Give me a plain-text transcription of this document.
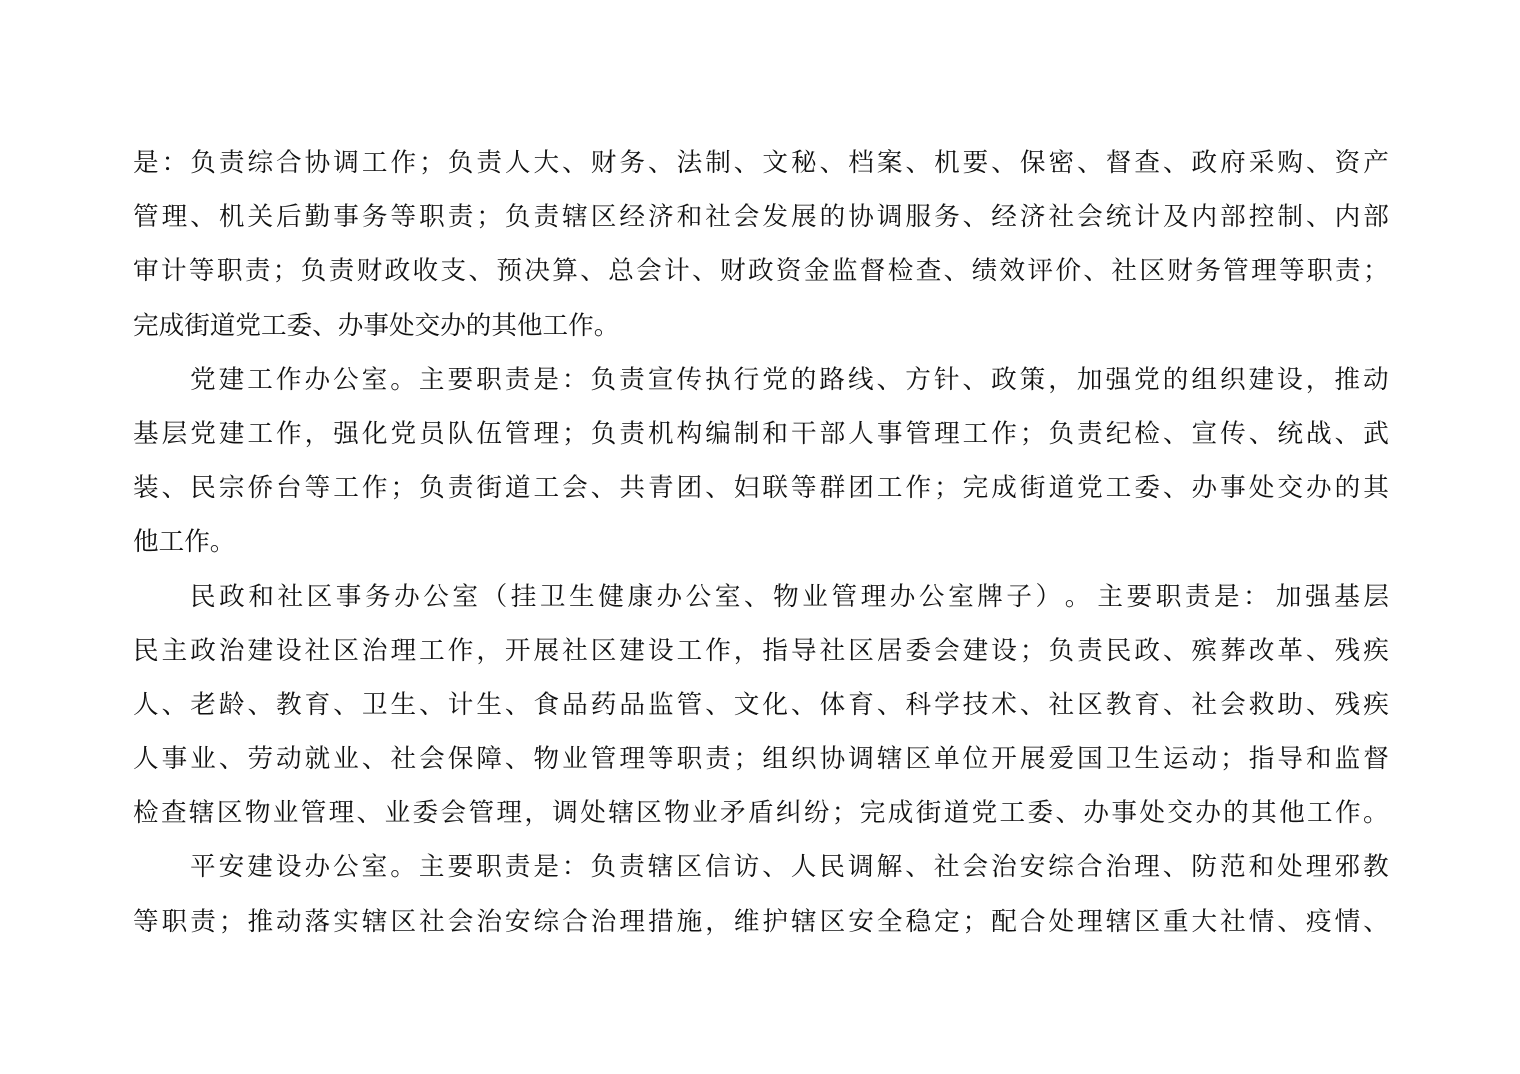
是 ： 负 责 综 合 协 调 工 作 ； 负 责 人 大 、 财 务 、 法 制 、 文 秘 、 档 案 、 机 要 、 保 密 、 督 查 、 政 府 采 购 、 资 产
管 理 、 机 关 后 勤 事 务 等 职 责 ； 负 责 辖 区 经 济 和 社 会 发 展 的 协 调 服 务 、 经 济 社 会 统 计 及 内 部 控 制 、 内 部
审 计 等 职 责 ； 负 责 财 政 收 支 、 预 决 算 、 总 会 计 、 财 政 资 金 监 督 检 查 、 绩 效 评 价 、 社 区 财 务 管 理 等 职 责 ；
完成街道党工委、办事处交办的其他工作。
党 建 工 作 办 公 室 。 主 要 职 责 是 ： 负 责 宣 传 执 行 党 的 路 线 、 方 针 、 政 策 ， 加 强 党 的 组 织 建 设 ， 推 动
基 层 党 建 工 作 ， 强 化 党 员 队 伍 管 理 ； 负 责 机 构 编 制 和 干 部 人 事 管 理 工 作 ； 负 责 纪 检 、 宣 传 、 统 战 、 武
装 、 民 宗 侨 台 等 工 作 ； 负 责 街 道 工 会 、 共 青 团 、 妇 联 等 群 团 工 作 ； 完 成 街 道 党 工 委 、 办 事 处 交 办 的 其
他工作。
民 政 和 社 区 事 务 办 公 室 （ 挂 卫 生 健 康 办 公 室 、 物 业 管 理 办 公 室 牌 子 ） 。 主 要 职 责 是 ： 加 强 基 层
民 主 政 治 建 设 社 区 治 理 工 作 ， 开 展 社 区 建 设 工 作 ， 指 导 社 区 居 委 会 建 设 ； 负 责 民 政 、 殡 葬 改 革 、 残 疾
人 、 老 龄 、 教 育 、 卫 生 、 计 生 、 食 品 药 品 监 管 、 文 化 、 体 育 、 科 学 技 术 、 社 区 教 育 、 社 会 救 助 、 残 疾
人 事 业 、 劳 动 就 业 、 社 会 保 障 、 物 业 管 理 等 职 责 ； 组 织 协 调 辖 区 单 位 开 展 爱 国 卫 生 运 动 ； 指 导 和 监 督
检 查 辖 区 物 业 管 理 、 业 委 会 管 理 ， 调 处 辖 区 物 业 矛 盾 纠 纷 ； 完 成 街 道 党 工 委 、 办 事 处 交 办 的 其 他 工 作 。
平 安 建 设 办 公 室 。 主 要 职 责 是 ： 负 责 辖 区 信 访 、 人 民 调 解 、 社 会 治 安 综 合 治 理 、 防 范 和 处 理 邪 教
等 职 责 ； 推 动 落 实 辖 区 社 会 治 安 综 合 治 理 措 施 ， 维 护 辖 区 安 全 稳 定 ； 配 合 处 理 辖 区 重 大 社 情 、 疫 情 、
